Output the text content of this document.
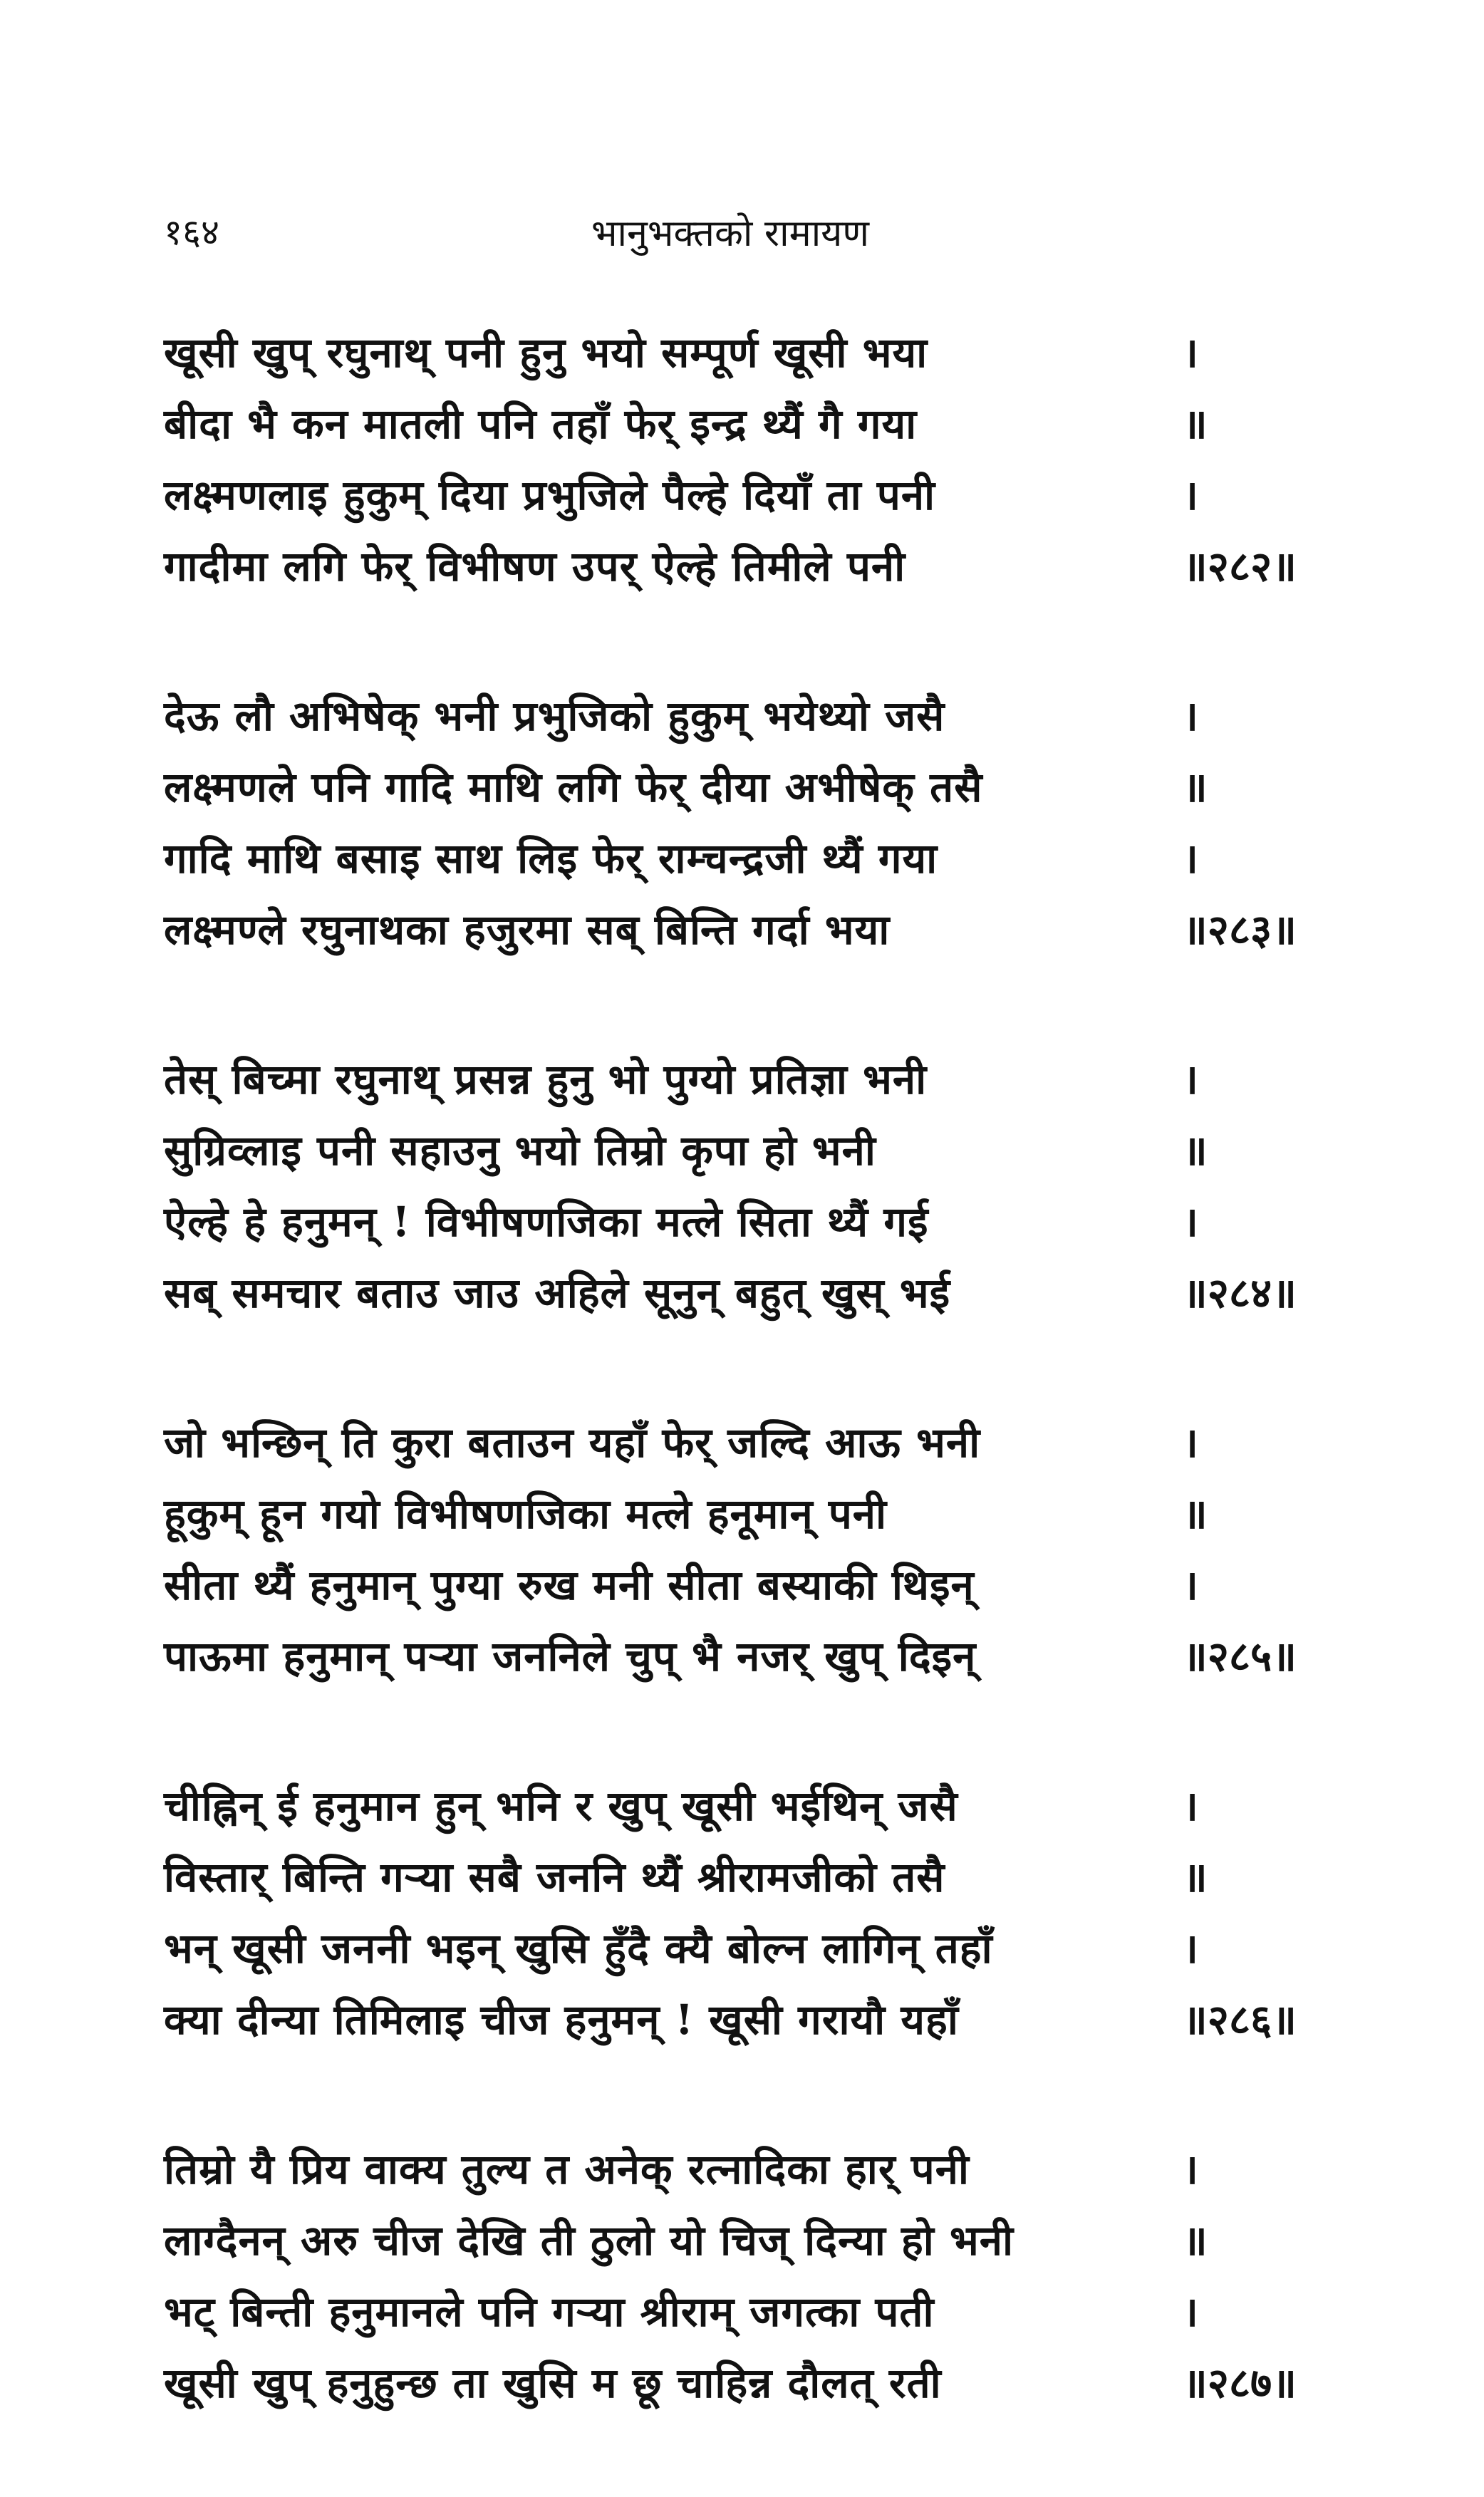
१६४	भानुभक्तको रामायण
खूसी खुप् रघुनाथ् पनी हुनु भयो सम्पूर्ण खूसी भया	।
बीदा भै कन मातली पनि तहाँ फेर् इन्द्र थ्यैं गै गया	॥
लक्ष्मणलाइ हुकुम् दिया प्रभुजिले पैल्हे दियाँ ता पनी	।
गादीमा लगि फेर् विभीषण उपर् ऐल्हे तिमीले पनी	॥२८२॥
देऊ लौ अभिषेक् भनी प्रभुजिको हुकुम् भयेथ्यो जसै	।
लक्ष्मणले पनि गादि माथि लगि फेर् दीया अभीषेक् तसै	॥
गादि माथि बसाइ साथ लिइ फेर् राम्चन्द्रजी थ्यैं गया	।
लक्ष्मण्ले रघुनाथका हजुरमा सब् बिन्ति गर्दा भया	॥२८३॥
तेस् बिच्मा रघुनाथ् प्रसन्न हुनु भो पुग्यो प्रतिज्ञा भनी	।
सुग्रिव्लाइ पनी सहाउनु भयो तिम्रो कृपा हो भनी	॥
ऐल्हे हे हनुमन् ! विभीषणजिका मत्ले सिता थ्यैं गई	।
सब् समचार बताउ जाउ अहिले सूनुन् बहुत् खुस् भई	॥२८४॥
जो भन्छिन् ति कुरा बताउन यहाँ फेर् जल्दि आऊ भनी	।
हूकुम् हून गयो विभीषणजिका मत्ले हनूमान् पनी	॥
सीता थ्यैं हनुमान् पुग्या रुख मनी सीता बस्याकी थिइन्	।
पाऊमा हनुमान् पऱ्या जननिले चुप् भै नजर् खुप् दिइन्	॥२८५॥
चीह्निन् ई हनुमान हुन् भनि र खुप् खूसी भईथिन् जसै	।
विस्तार् बिन्ति गऱ्या सबै जननि थ्यैं श्रीरामजीको तसै	॥
भन् खूसी जननी भइन् खुसि हुँदै क्यै बोल्न लागिन् तहाँ	।
क्या दीन्या तिमिलाइ चीज हनुमन् ! खूसी गरायौ यहाँ	॥२८६॥
तिम्रो यै प्रिय वाक्य तुल्य त अनेक् रत्नादिका हार् पनी	।
लाग्दैनन् अरु चीज देखि ती ठुलो यो चिज् दिन्या हो भनी	॥
भट् बिन्ती हनुमानले पनि गऱ्या श्रीराम् जगत्का पती	।
खूसी खुप् हनुहुन्छ ता खुसि म छू चाहिन्न दौलत् रती	॥२८७॥
